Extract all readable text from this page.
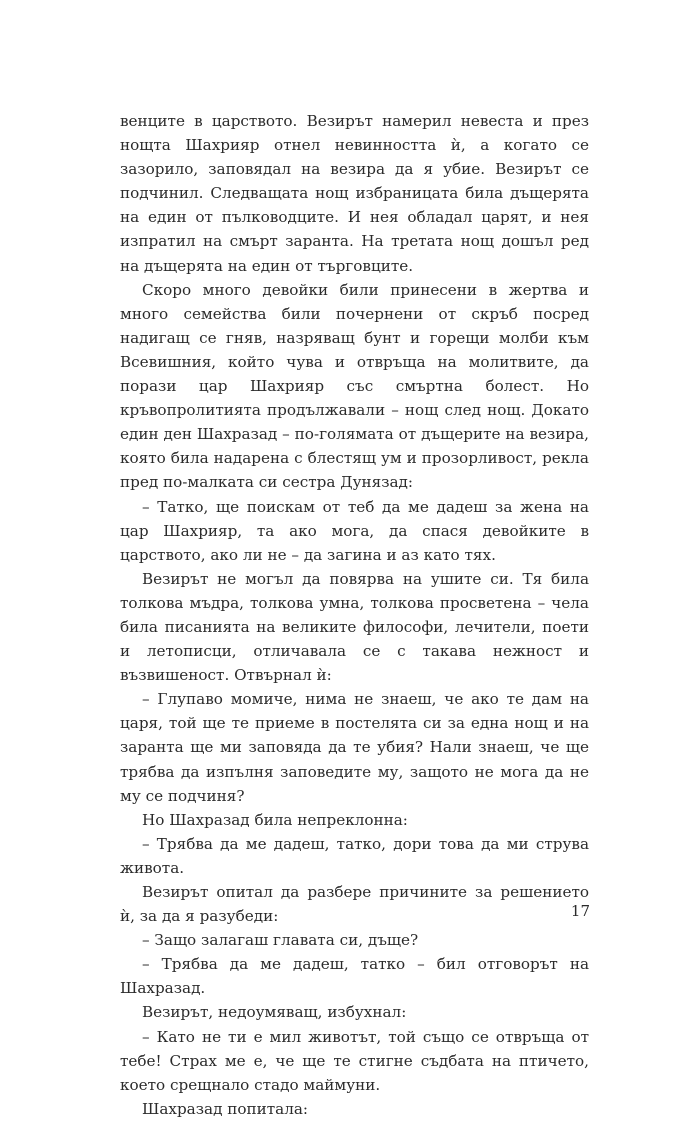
венците в царството. Везирът намерил невеста и през нощта Шахрияр отнел невинността ѝ, а когато се зазорило, заповядал на везира да я убие. Везирът се подчинил. Следващата нощ избраницата била дъщерята на един от пълководците. И нея обладал царят, и нея изпратил на смърт заранта. На третата нощ дошъл ред на дъщерята на един от търговците.

Скоро много девойки били принесени в жертва и много семейства били почернени от скръб посред надигащ се гняв, назряващ бунт и горещи молби към Всевишния, който чува и отвръща на молитвите, да порази цар Шахрияр със смъртна болест. Но кръвопролитията продължавали – нощ след нощ. Докато един ден Шахразад – по-голямата от дъщерите на везира, която била надарена с блестящ ум и прозорливост, рекла пред по-малката си сестра Дунязад:

– Татко, ще поискам от теб да ме дадеш за жена на цар Шахрияр, та ако мога, да спася девойките в царството, ако ли не – да загина и аз като тях.

Везирът не могъл да повярва на ушите си. Тя била толкова мъдра, толкова умна, толкова просветена – чела била писанията на великите философи, лечители, поети и летописци, отличавала се с такава нежност и възвишеност. Отвърнал ѝ:

– Глупаво момиче, нима не знаеш, че ако те дам на царя, той ще те приеме в постелята си за една нощ и на заранта ще ми заповяда да те убия? Нали знаеш, че ще трябва да изпълня заповедите му, защото не мога да не му се подчиня?

Но Шахразад била непреклонна:

– Трябва да ме дадеш, татко, дори това да ми струва живота.

Везирът опитал да разбере причините за решението ѝ, за да я разубеди:

– Защо залагаш главата си, дъще?

– Трябва да ме дадеш, татко – бил отговорът на Шахразад.

Везирът, недоумяващ, избухнал:

– Като не ти е мил животът, той също се отвръща от тебе! Страх ме е, че ще те стигне съдбата на птичето, което срещнало стадо маймуни.

Шахразад попитала:

17
